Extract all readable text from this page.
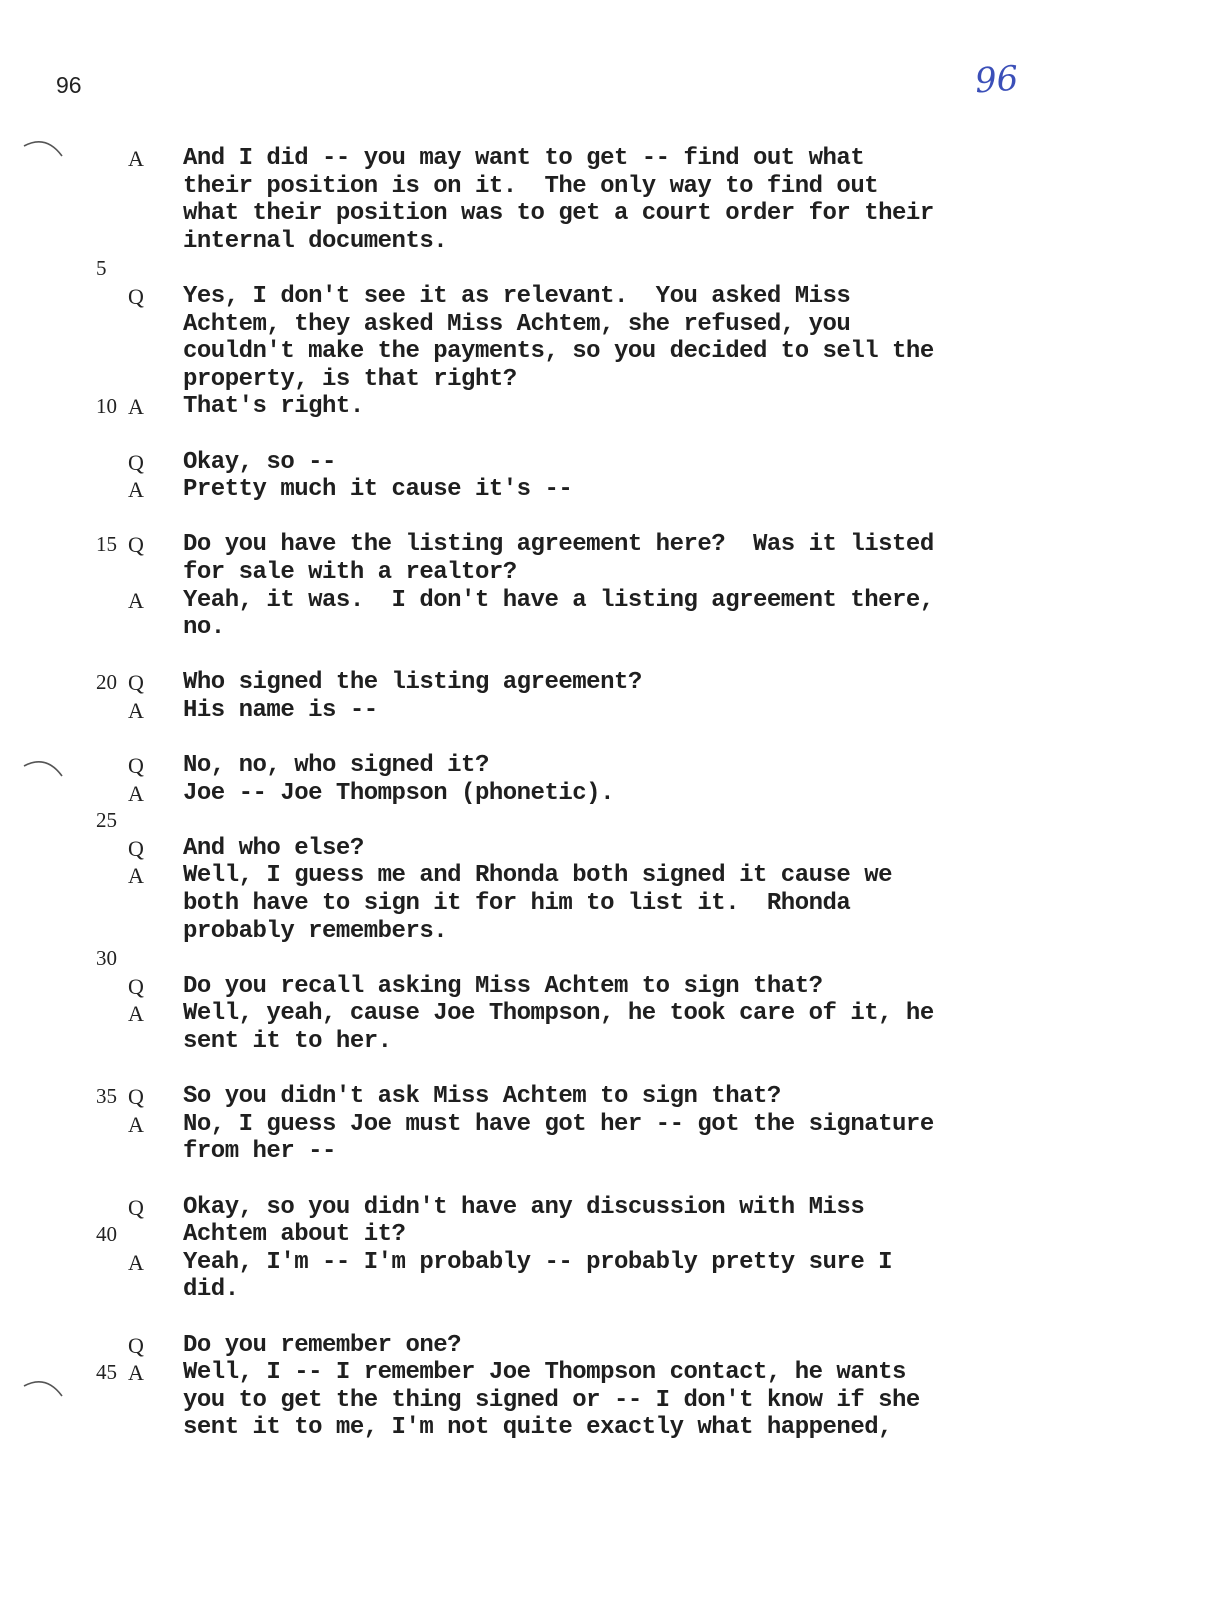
96	96
A And I did -- you may want to get -- find out what
their position is on it.  The only way to find out
what their position was to get a court order for their
internal documents.
5
Q Yes, I don't see it as relevant.  You asked Miss
Achtem, they asked Miss Achtem, she refused, you
couldn't make the payments, so you decided to sell the
property, is that right?
10 A That's right.
Q Okay, so --
A Pretty much it cause it's --
15 Q Do you have the listing agreement here?  Was it listed
for sale with a realtor?
A Yeah, it was.  I don't have a listing agreement there,
no.
20 Q Who signed the listing agreement?
A His name is --
Q No, no, who signed it?
A Joe -- Joe Thompson (phonetic).
25
Q And who else?
A Well, I guess me and Rhonda both signed it cause we
both have to sign it for him to list it.  Rhonda
probably remembers.
30
Q Do you recall asking Miss Achtem to sign that?
A Well, yeah, cause Joe Thompson, he took care of it, he
sent it to her.
35 Q So you didn't ask Miss Achtem to sign that?
A No, I guess Joe must have got her -- got the signature
from her --
Q Okay, so you didn't have any discussion with Miss
40	Achtem about it?
A Yeah, I'm -- I'm probably -- probably pretty sure I
did.
Q Do you remember one?
45 A Well, I -- I remember Joe Thompson contact, he wants
you to get the thing signed or -- I don't know if she
sent it to me, I'm not quite exactly what happened,
